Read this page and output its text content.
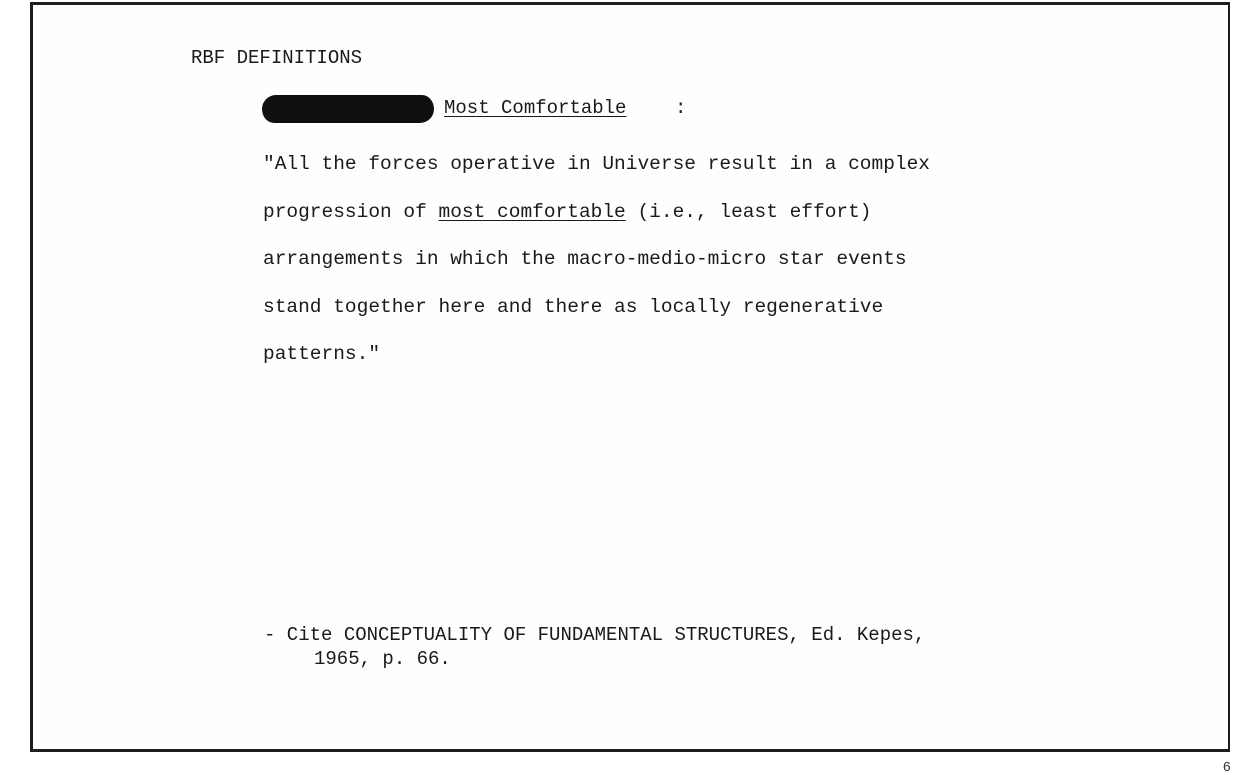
RBF DEFINITIONS
Most Comfortable	:
"All the forces operative in Universe result in a complex
progression of most comfortable (i.e., least effort)
arrangements in which the macro-medio-micro star events
stand together here and there as locally regenerative
patterns."
- Cite CONCEPTUALITY OF FUNDAMENTAL STRUCTURES, Ed. Kepes,
1965, p. 66.
6
